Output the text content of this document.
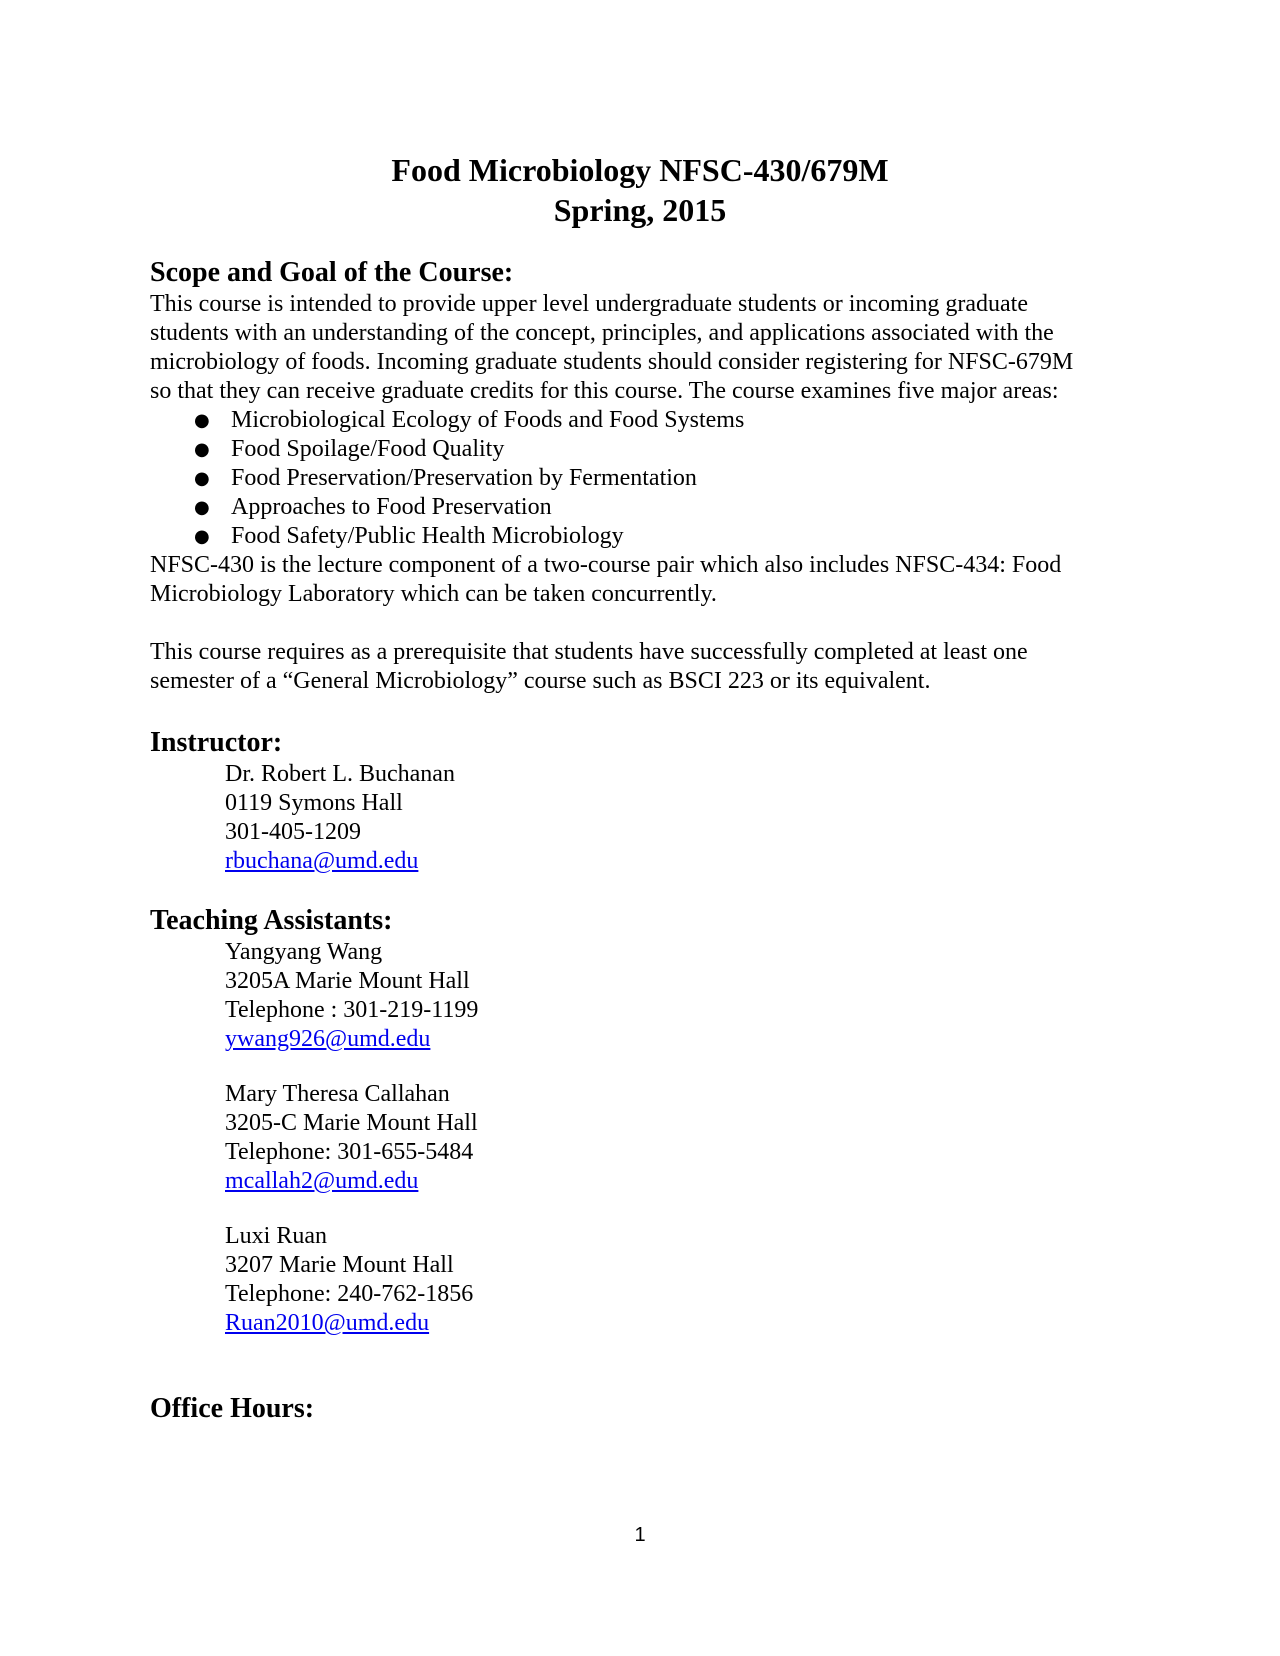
Food Microbiology NFSC-430/679M
Spring, 2015
Scope and Goal of the Course:
This course is intended to provide upper level undergraduate students or incoming graduate
students with an understanding of the concept, principles, and applications associated with the
microbiology of foods. Incoming graduate students should consider registering for NFSC-679M
so that they can receive graduate credits for this course. The course examines five major areas:
● Microbiological Ecology of Foods and Food Systems
● Food Spoilage/Food Quality
● Food Preservation/Preservation by Fermentation
● Approaches to Food Preservation
● Food Safety/Public Health Microbiology
NFSC-430 is the lecture component of a two-course pair which also includes NFSC-434: Food
Microbiology Laboratory which can be taken concurrently.
This course requires as a prerequisite that students have successfully completed at least one
semester of a “General Microbiology” course such as BSCI 223 or its equivalent.
Instructor:
Dr. Robert L. Buchanan
0119 Symons Hall
301-405-1209
rbuchana@umd.edu
Teaching Assistants:
Yangyang Wang
3205A Marie Mount Hall
Telephone : 301-219-1199
ywang926@umd.edu
Mary Theresa Callahan
3205-C Marie Mount Hall
Telephone: 301-655-5484
mcallah2@umd.edu
Luxi Ruan
3207 Marie Mount Hall
Telephone: 240-762-1856
Ruan2010@umd.edu
Office Hours:
1
